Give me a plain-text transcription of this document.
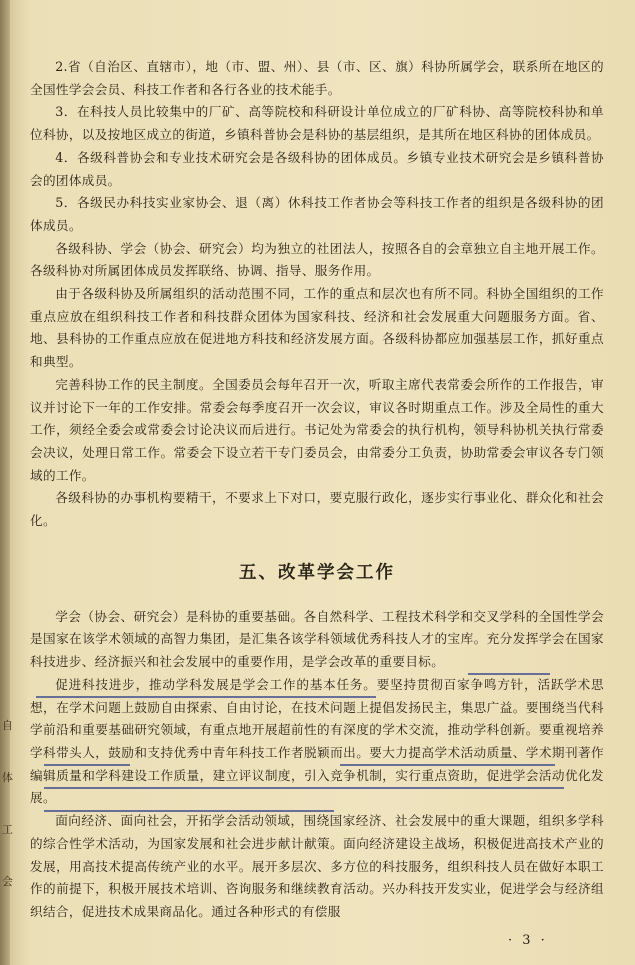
2.省（自治区、直辖市），地（市、盟、州）、县（市、区、旗）科协所属学会，联系所在地区的全国性学会会员、科技工作者和各行各业的技术能手。

3．在科技人员比较集中的厂矿、高等院校和科研设计单位成立的厂矿科协、高等院校科协和单位科协，以及按地区成立的街道，乡镇科普协会是科协的基层组织，是其所在地区科协的团体成员。

4．各级科普协会和专业技术研究会是各级科协的团体成员。乡镇专业技术研究会是乡镇科普协会的团体成员。

5．各级民办科技实业家协会、退（离）休科技工作者协会等科技工作者的组织是各级科协的团体成员。

各级科协、学会（协会、研究会）均为独立的社团法人，按照各自的会章独立自主地开展工作。各级科协对所属团体成员发挥联络、协调、指导、服务作用。

由于各级科协及所属组织的活动范围不同，工作的重点和层次也有所不同。科协全国组织的工作重点应放在组织科技工作者和科技群众团体为国家科技、经济和社会发展重大问题服务方面。省、地、县科协的工作重点应放在促进地方科技和经济发展方面。各级科协都应加强基层工作，抓好重点和典型。

完善科协工作的民主制度。全国委员会每年召开一次，听取主席代表常委会所作的工作报告，审议并讨论下一年的工作安排。常委会每季度召开一次会议，审议各时期重点工作。涉及全局性的重大工作，须经全委会或常委会讨论决议而后进行。书记处为常委会的执行机构，领导科协机关执行常委会决议，处理日常工作。常委会下设立若干专门委员会，由常委分工负责，协助常委会审议各专门领域的工作。

各级科协的办事机构要精干，不要求上下对口，要克服行政化，逐步实行事业化、群众化和社会化。

五、改革学会工作

学会（协会、研究会）是科协的重要基础。各自然科学、工程技术科学和交叉学科的全国性学会是国家在该学术领域的高智力集团，是汇集各该学科领域优秀科技人才的宝库。充分发挥学会在国家科技进步、经济振兴和社会发展中的重要作用，是学会改革的重要目标。

促进科技进步，推动学科发展是学会工作的基本任务。要坚持贯彻百家争鸣方针，活跃学术思想，在学术问题上鼓励自由探索、自由讨论，在技术问题上提倡发扬民主，集思广益。要围绕当代科学前沿和重要基础研究领域，有重点地开展超前性的有深度的学术交流，推动学科创新。要重视培养学科带头人，鼓励和支持优秀中青年科技工作者脱颖而出。要大力提高学术活动质量、学术期刊著作编辑质量和学科建设工作质量，建立评议制度，引入竞争机制，实行重点资助，促进学会活动优化发展。

面向经济、面向社会，开拓学会活动领域，围绕国家经济、社会发展中的重大课题，组织多学科的综合性学术活动，为国家发展和社会进步献计献策。面向经济建设主战场，积极促进高技术产业的发展，用高技术提高传统产业的水平。展开多层次、多方位的科技服务，组织科技人员在做好本职工作的前提下，积极开展技术培训、咨询服务和继续教育活动。兴办科技开发实业，促进学会与经济组织结合，促进技术成果商品化。通过各种形式的有偿服

自
体
工
会
· 3 ·
